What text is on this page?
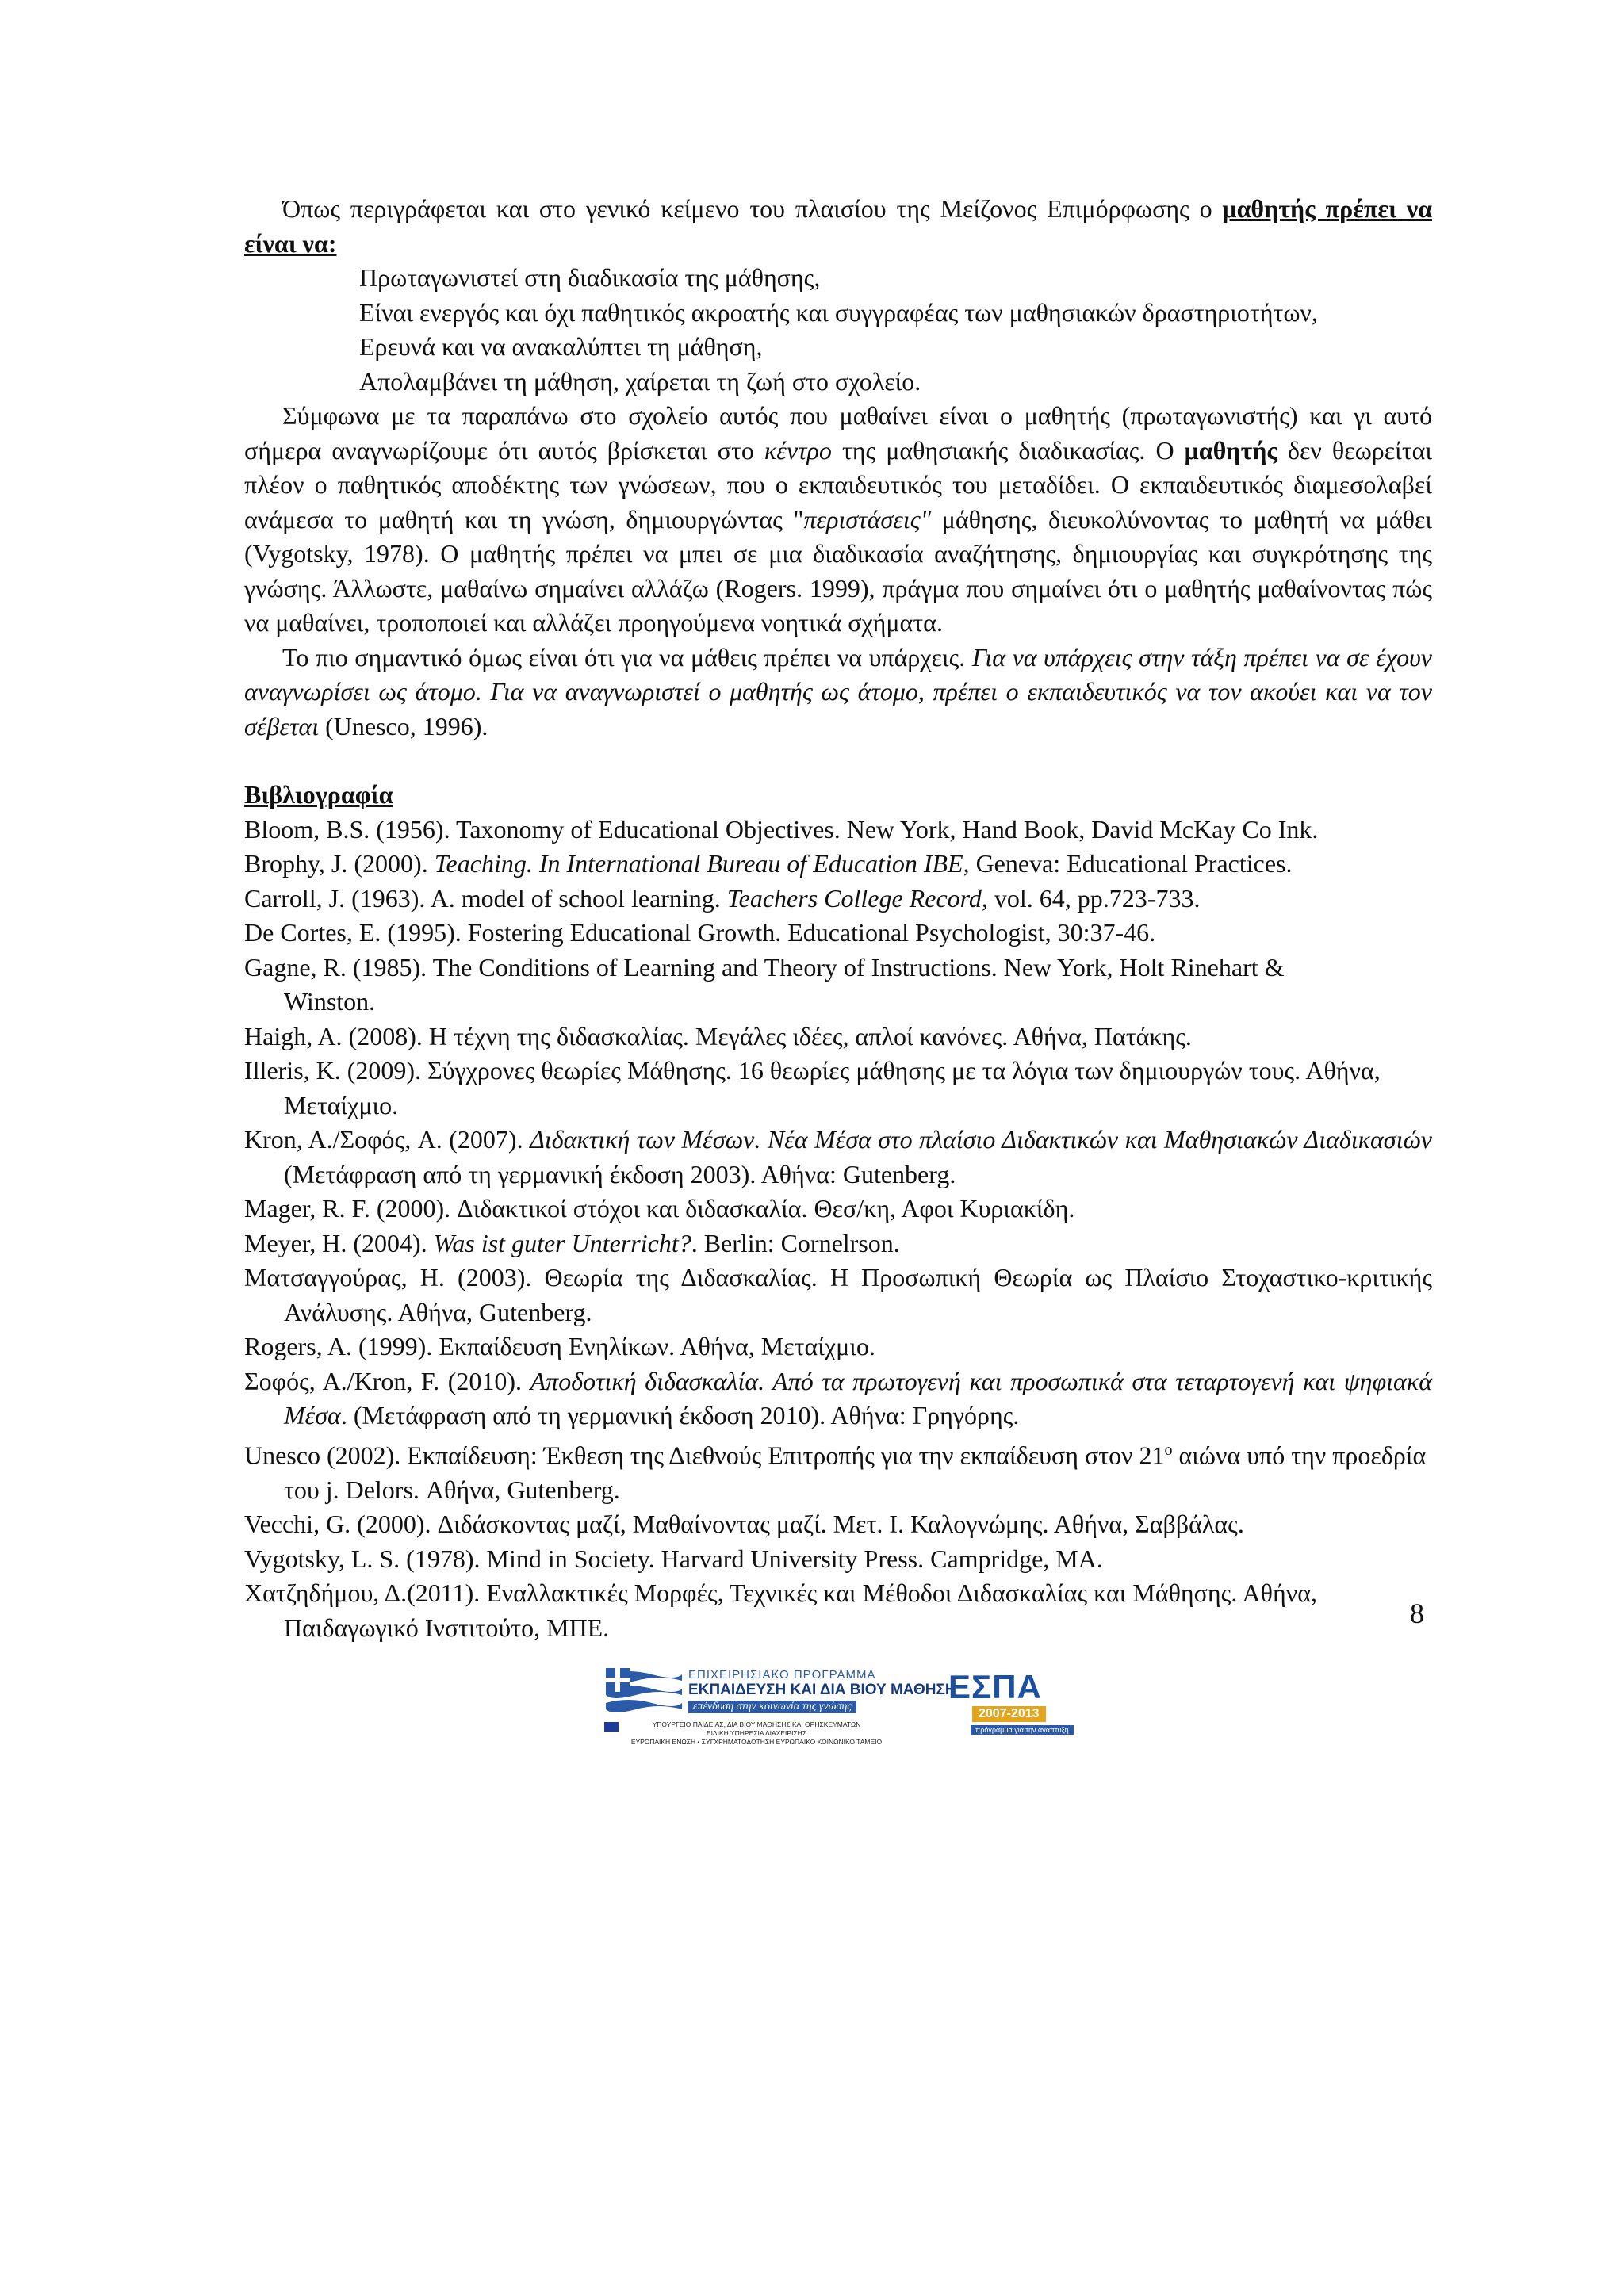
Όπως περιγράφεται και στο γενικό κείμενο του πλαισίου της Μείζονος Επιμόρφωσης ο μαθητής πρέπει να είναι να:

Πρωταγωνιστεί στη διαδικασία της μάθησης,

Είναι ενεργός και όχι παθητικός ακροατής και συγγραφέας των μαθησιακών δραστηριοτήτων,

Ερευνά και να ανακαλύπτει τη μάθηση,

Απολαμβάνει τη μάθηση, χαίρεται τη ζωή στο σχολείο.

Σύμφωνα με τα παραπάνω στο σχολείο αυτός που μαθαίνει είναι ο μαθητής (πρωταγωνιστής) και γι αυτό σήμερα αναγνωρίζουμε ότι αυτός βρίσκεται στο κέντρο της μαθησιακής διαδικασίας. Ο μαθητής δεν θεωρείται πλέον ο παθητικός αποδέκτης των γνώσεων, που ο εκπαιδευτικός του μεταδίδει. Ο εκπαιδευτικός διαμεσολαβεί ανάμεσα το μαθητή και τη γνώση, δημιουργώντας "περιστάσεις" μάθησης, διευκολύνοντας το μαθητή να μάθει (Vygotsky, 1978). Ο μαθητής πρέπει να μπει σε μια διαδικασία αναζήτησης, δημιουργίας και συγκρότησης της γνώσης. Άλλωστε, μαθαίνω σημαίνει αλλάζω (Rogers. 1999), πράγμα που σημαίνει ότι ο μαθητής μαθαίνοντας πώς να μαθαίνει, τροποποιεί και αλλάζει προηγούμενα νοητικά σχήματα.

Το πιο σημαντικό όμως είναι ότι για να μάθεις πρέπει να υπάρχεις. Για να υπάρχεις στην τάξη πρέπει να σε έχουν αναγνωρίσει ως άτομο. Για να αναγνωριστεί ο μαθητής ως άτομο, πρέπει ο εκπαιδευτικός να τον ακούει και να τον σέβεται (Unesco, 1996).

Βιβλιογραφία

Bloom, B.S. (1956). Taxonomy of Educational Objectives. New York, Hand Book, David McKay Co Ink.

Brophy, J. (2000). Teaching. In International Bureau of Education IBE, Geneva: Educational Practices.

Carroll, J. (1963). A. model of school learning. Teachers College Record, vol. 64, pp.723-733.

De Cortes, E. (1995). Fostering Educational Growth. Educational Psychologist, 30:37-46.

Gagne, R. (1985). The Conditions of Learning and Theory of Instructions. New York, Holt Rinehart & Winston.

Haigh, A. (2008). Η τέχνη της διδασκαλίας. Μεγάλες ιδέες, απλοί κανόνες. Αθήνα, Πατάκης.

Illeris, K. (2009). Σύγχρονες θεωρίες Μάθησης. 16 θεωρίες μάθησης με τα λόγια των δημιουργών τους. Αθήνα, Μεταίχμιο.

Kron, A./Σοφός, A. (2007). Διδακτική των Μέσων. Νέα Μέσα στο πλαίσιο Διδακτικών και Μαθησιακών Διαδικασιών (Μετάφραση από τη γερμανική έκδοση 2003). Αθήνα: Gutenberg.

Mager, R. F. (2000). Διδακτικοί στόχοι και διδασκαλία. Θεσ/κη, Αφοι Κυριακίδη.

Meyer, H. (2004). Was ist guter Unterricht?. Berlin: Cornelrson.

Ματσαγγούρας, Η. (2003). Θεωρία της Διδασκαλίας. Η Προσωπική Θεωρία ως Πλαίσιο Στοχαστικο-κριτικής Ανάλυσης. Αθήνα, Gutenberg.

Rogers, A. (1999). Εκπαίδευση Ενηλίκων. Αθήνα, Μεταίχμιο.

Σοφός, Α./Kron, F. (2010). Αποδοτική διδασκαλία. Από τα πρωτογενή και προσωπικά στα τεταρτογενή και ψηφιακά Μέσα. (Μετάφραση από τη γερμανική έκδοση 2010). Αθήνα: Γρηγόρης.

Unesco (2002). Εκπαίδευση: Έκθεση της Διεθνούς Επιτροπής για την εκπαίδευση στον $21^o$ αιώνα υπό την προεδρία του j. Delors. Αθήνα, Gutenberg.

Vecchi, G. (2000). Διδάσκοντας μαζί, Μαθαίνοντας μαζί. Μετ. Ι. Καλογνώμης. Αθήνα, Σαββάλας.

Vygotsky, L. S. (1978). Mind in Society. Harvard University Press. Campridge, MA.

Χατζηδήμου, Δ.(2011). Εναλλακτικές Μορφές, Τεχνικές και Μέθοδοι Διδασκαλίας και Μάθησης. Αθήνα, Παιδαγωγικό Ινστιτούτο, ΜΠΕ.	8
ΕΠΙΧΕΙΡΗΣΙΑΚΟ ΠΡΟΓΡΑΜΜΑ
ΕΚΠΑΙΔΕΥΣΗ ΚΑΙ ΔΙΑ ΒΙΟΥ ΜΑΘΗΣΗ
επένδυση στην κοινωνία της γνώσης
ΥΠΟΥΡΓΕΙΟ ΠΑΙΔΕΙΑΣ, ΔΙΑ ΒΙΟΥ ΜΑΘΗΣΗΣ ΚΑΙ ΘΡΗΣΚΕΥΜΑΤΩΝ
ΕΙΔΙΚΗ ΥΠΗΡΕΣΙΑ ΔΙΑΧΕΙΡΙΣΗΣ
ΕΥΡΩΠΑΪΚΗ ΕΝΩΣΗ • ΣΥΓΧΡΗΜΑΤΟΔΟΤΗΣΗ ΕΥΡΩΠΑΪΚΟ ΚΟΙΝΩΝΙΚΟ ΤΑΜΕΙΟ
ΕΣΠΑ
2007-2013
πρόγραμμα για την ανάπτυξη
